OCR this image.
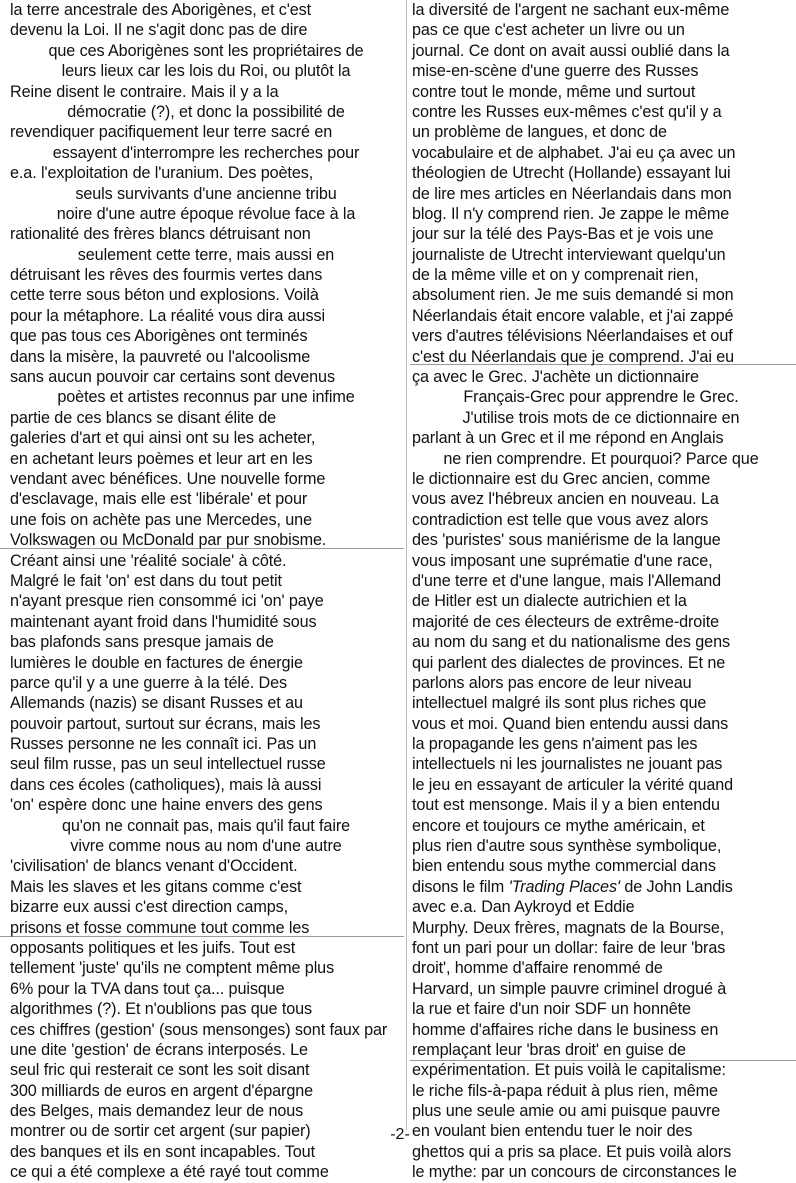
la terre ancestrale des Aborigènes, et c'est
devenu la Loi. Il ne s'agit donc pas de dire
que ces Aborigènes sont les propriétaires de
leurs lieux car les lois du Roi, ou plutôt la
Reine disent le contraire. Mais il y a la
démocratie (?), et donc la possibilité de
revendiquer pacifiquement leur terre sacré en
essayent d'interrompre les recherches pour
e.a. l'exploitation de l'uranium. Des poètes,
seuls survivants d'une ancienne tribu
noire d'une autre époque révolue face à la
rationalité des frères blancs détruisant non
seulement cette terre, mais aussi en
détruisant les rêves des fourmis vertes dans
cette terre sous béton und explosions. Voilà
pour la métaphore. La réalité vous dira aussi
que pas tous ces Aborigènes ont terminés
dans la misère, la pauvreté ou l'alcoolisme
sans aucun pouvoir car certains sont devenus
poètes et artistes reconnus par une infime
partie de ces blancs se disant élite de
galeries d'art et qui ainsi ont su les acheter,
en achetant leurs poèmes et leur art en les
vendant avec bénéfices. Une nouvelle forme
d'esclavage, mais elle est 'libérale' et pour
une fois on achète pas une Mercedes, une
Volkswagen ou McDonald par pur snobisme.
Créant ainsi une 'réalité sociale' à côté.
Malgré le fait 'on' est dans du tout petit
n'ayant presque rien consommé ici 'on' paye
maintenant ayant froid dans l'humidité sous
bas plafonds sans presque jamais de
lumières le double en factures de énergie
parce qu'il y a une guerre à la télé. Des
Allemands (nazis) se disant Russes et au
pouvoir partout, surtout sur écrans, mais les
Russes personne ne les connaît ici. Pas un
seul film russe, pas un seul intellectuel russe
dans ces écoles (catholiques), mais là aussi
'on' espère donc une haine envers des gens
qu'on ne connait pas, mais qu'il faut faire
vivre comme nous au nom d'une autre
'civilisation' de blancs venant d'Occident.
Mais les slaves et les gitans comme c'est
bizarre eux aussi c'est direction camps,
prisons et fosse commune tout comme les
opposants politiques et les juifs. Tout est
tellement 'juste' qu'ils ne comptent même plus
6% pour la TVA dans tout ça... puisque
algorithmes (?). Et n'oublions pas que tous
ces chiffres (gestion' (sous mensonges) sont faux par
une dite 'gestion' de écrans interposés. Le
seul fric qui resterait ce sont les soit disant
300 milliards de euros en argent d'épargne
des Belges, mais demandez leur de nous
montrer ou de sortir cet argent (sur papier)
des banques et ils en sont incapables. Tout
ce qui a été complexe a été rayé tout comme
la diversité de l'argent ne sachant eux-même
pas ce que c'est acheter un livre ou un
journal. Ce dont on avait aussi oublié dans la
mise-en-scène d'une guerre des Russes
contre tout le monde, même und surtout
contre les Russes eux-mêmes c'est qu'il y a
un problème de langues, et donc de
vocabulaire et de alphabet. J'ai eu ça avec un
théologien de Utrecht (Hollande) essayant lui
de lire mes articles en Néerlandais dans mon
blog. Il n'y comprend rien. Je zappe le même
jour sur la télé des Pays-Bas et je vois une
journaliste de Utrecht interviewant quelqu'un
de la même ville et on y comprenait rien,
absolument rien. Je me suis demandé si mon
Néerlandais était encore valable, et j'ai zappé
vers d'autres télévisions Néerlandaises et ouf
c'est du Néerlandais que je comprend. J'ai eu
ça avec le Grec. J'achète un dictionnaire
Français-Grec pour apprendre le Grec.
J'utilise trois mots de ce dictionnaire en
parlant à un Grec et il me répond en Anglais
ne rien comprendre. Et pourquoi? Parce que
le dictionnaire est du Grec ancien, comme
vous avez l'hébreux ancien en nouveau. La
contradiction est telle que vous avez alors
des 'puristes' sous maniérisme de la langue
vous imposant une suprématie d'une race,
d'une terre et d'une langue, mais l'Allemand
de Hitler est un dialecte autrichien et la
majorité de ces électeurs de extrême-droite
au nom du sang et du nationalisme des gens
qui parlent des dialectes de provinces. Et ne
parlons alors pas encore de leur niveau
intellectuel malgré ils sont plus riches que
vous et moi. Quand bien entendu aussi dans
la propagande les gens n'aiment pas les
intellectuels ni les journalistes ne jouant pas
le jeu en essayant de articuler la vérité quand
tout est mensonge. Mais il y a bien entendu
encore et toujours ce mythe américain, et
plus rien d'autre sous synthèse symbolique,
bien entendu sous mythe commercial dans
disons le film 'Trading Places' de John Landis
avec e.a. Dan Aykroyd et Eddie
Murphy. Deux frères, magnats de la Bourse,
font un pari pour un dollar: faire de leur 'bras
droit', homme d'affaire renommé de
Harvard, un simple pauvre criminel drogué à
la rue et faire d'un noir SDF un honnête
homme d'affaires riche dans le business en
remplaçant leur 'bras droit' en guise de
expérimentation. Et puis voilà le capitalisme:
le riche fils-à-papa réduit à plus rien, même
plus une seule amie ou ami puisque pauvre
en voulant bien entendu tuer le noir des
ghettos qui a pris sa place. Et puis voilà alors
le mythe: par un concours de circonstances le
-2-
